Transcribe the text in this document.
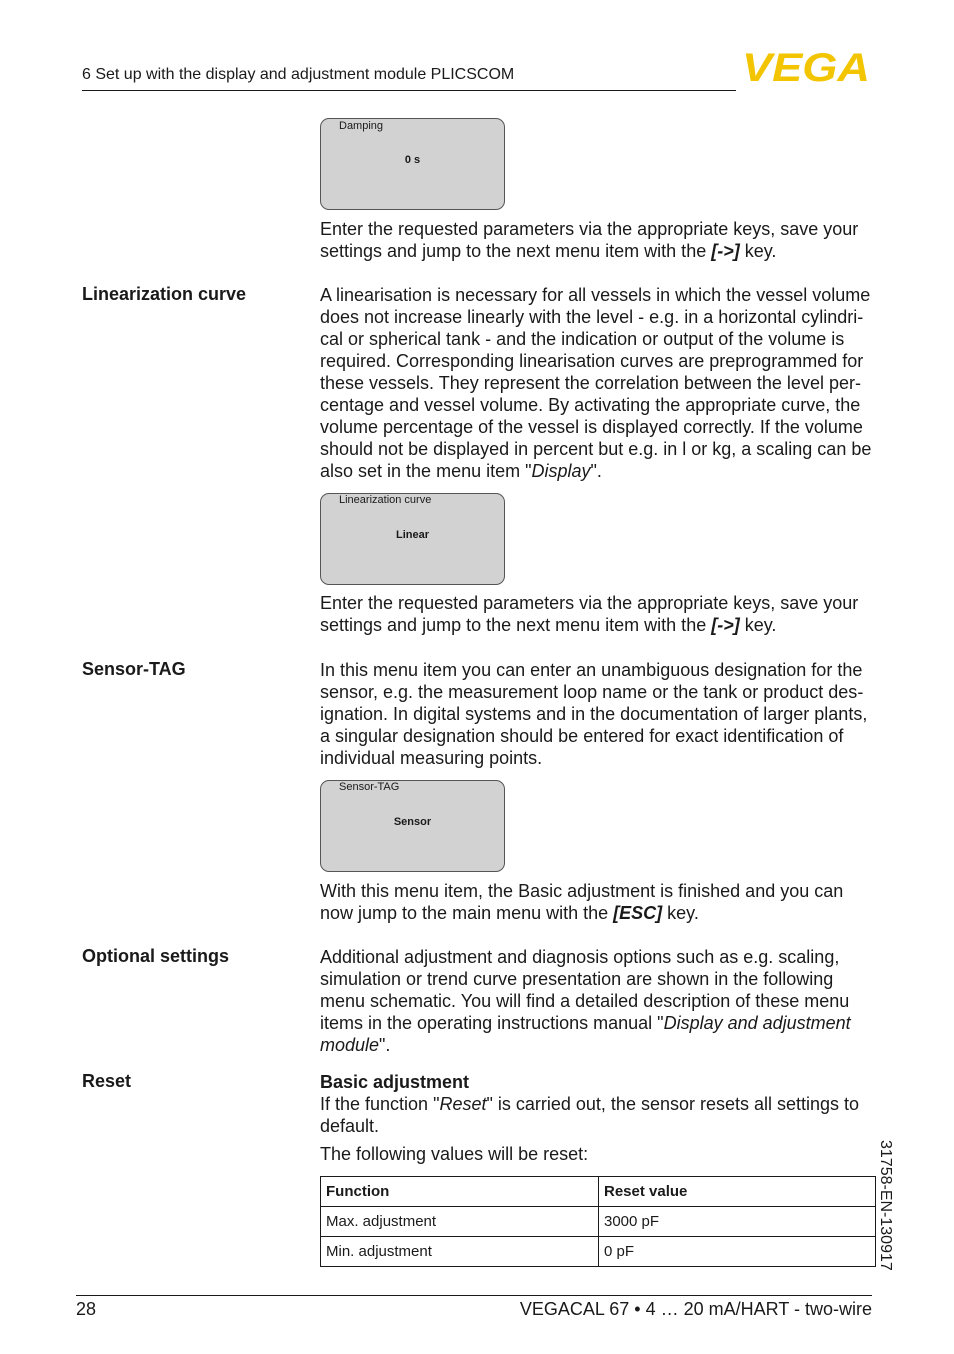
6 Set up with the display and adjustment module PLICSCOM	VEGA
Damping
0 s

Enter the requested parameters via the appropriate keys, save your settings and jump to the next menu item with the [->] key.

Linearization curve	A linearisation is necessary for all vessels in which the vessel volume does not increase linearly with the level - e.g. in a horizontal cylindrical or spherical tank - and the indication or output of the volume is required. Corresponding linearisation curves are preprogrammed for these vessels. They represent the correlation between the level percentage and vessel volume. By activating the appropriate curve, the volume percentage of the vessel is displayed correctly. If the volume should not be displayed in percent but e.g. in l or kg, a scaling can be also set in the menu item "Display".

Linearization curve
Linear

Enter the requested parameters via the appropriate keys, save your settings and jump to the next menu item with the [->] key.

Sensor-TAG	In this menu item you can enter an unambiguous designation for the sensor, e.g. the measurement loop name or the tank or product designation. In digital systems and in the documentation of larger plants, a singular designation should be entered for exact identification of individual measuring points.

Sensor-TAG
Sensor

With this menu item, the Basic adjustment is finished and you can now jump to the main menu with the [ESC] key.

Optional settings	Additional adjustment and diagnosis options such as e.g. scaling, simulation or trend curve presentation are shown in the following menu schematic. You will find a detailed description of these menu items in the operating instructions manual "Display and adjustment module".

Reset	Basic adjustment

If the function "Reset" is carried out, the sensor resets all settings to default.

The following values will be reset:

Function	Reset value
Max. adjustment	3000 pF
Min. adjustment	0 pF	31758-EN-130917
28	VEGACAL 67 • 4 … 20 mA/HART - two-wire
